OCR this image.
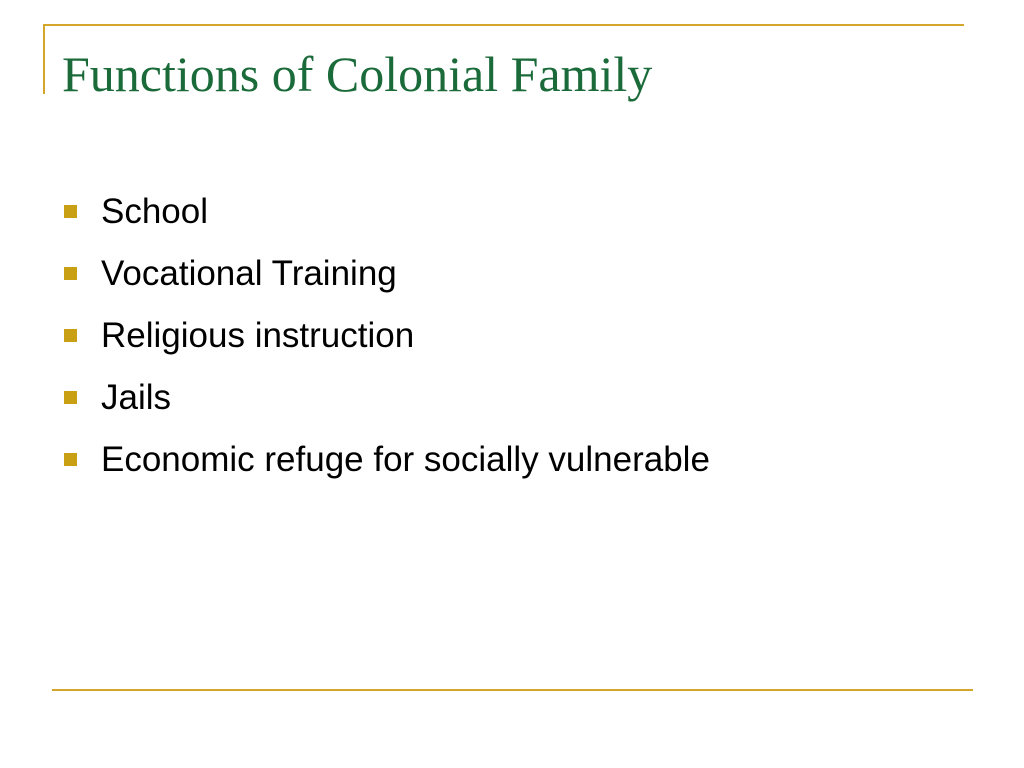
Functions of Colonial Family
School
Vocational Training
Religious instruction
Jails
Economic refuge for socially vulnerable
